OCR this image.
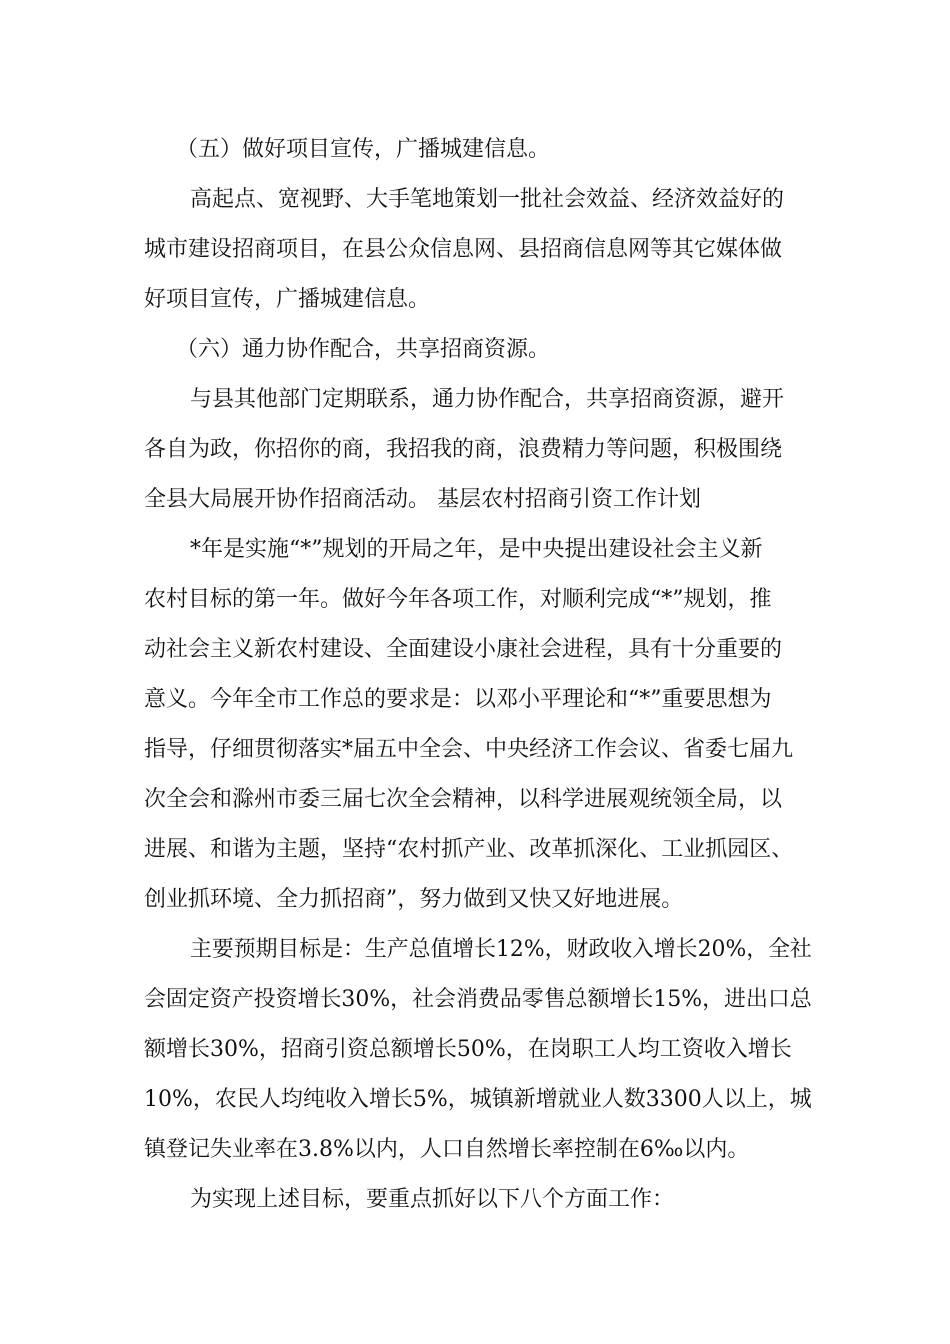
（五）做好项目宣传，广播城建信息。
高起点、宽视野、大手笔地策划一批社会效益、经济效益好的
城市建设招商项目，在县公众信息网、县招商信息网等其它媒体做
好项目宣传，广播城建信息。
（六）通力协作配合，共享招商资源。
与县其他部门定期联系，通力协作配合，共享招商资源，避开
各自为政，你招你的商，我招我的商，浪费精力等问题，积极围绕
全县大局展开协作招商活动。 基层农村招商引资工作计划
*年是实施“*”规划的开局之年，是中央提出建设社会主义新
农村目标的第一年。做好今年各项工作，对顺利完成“*”规划，推
动社会主义新农村建设、全面建设小康社会进程，具有十分重要的
意义。今年全市工作总的要求是：以邓小平理论和“*”重要思想为
指导，仔细贯彻落实*届五中全会、中央经济工作会议、省委七届九
次全会和滁州市委三届七次全会精神，以科学进展观统领全局，以
进展、和谐为主题，坚持“农村抓产业、改革抓深化、工业抓园区、
创业抓环境、全力抓招商”，努力做到又快又好地进展。
主要预期目标是：生产总值增长12%，财政收入增长20%，全社
会固定资产投资增长30%，社会消费品零售总额增长15%，进出口总
额增长30%，招商引资总额增长50%，在岗职工人均工资收入增长
10%，农民人均纯收入增长5%，城镇新增就业人数3300人以上，城
镇登记失业率在3.8%以内，人口自然增长率控制在6‰以内。
为实现上述目标，要重点抓好以下八个方面工作：
